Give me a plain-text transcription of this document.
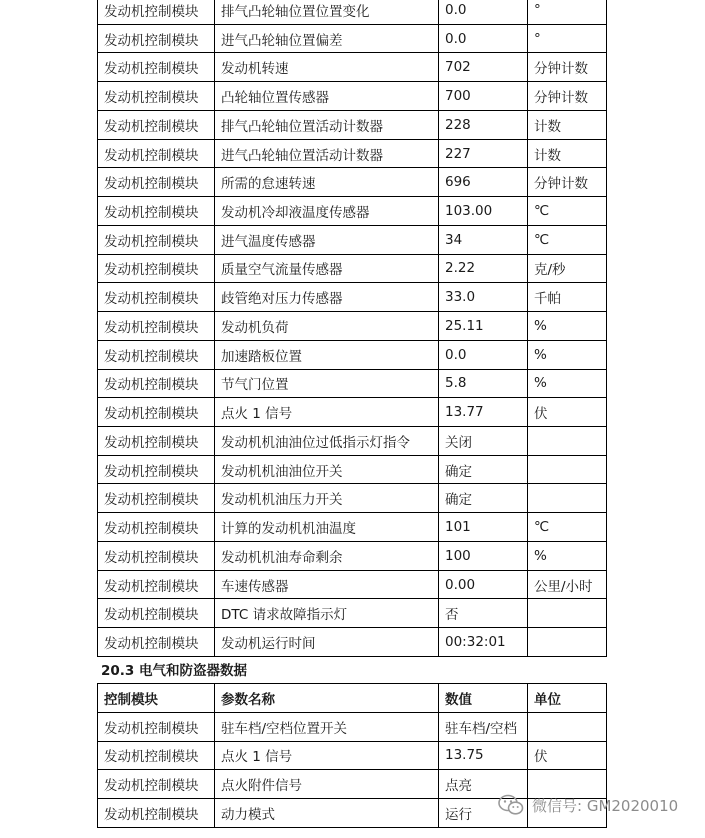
发动机控制模块	排气凸轮轴位置位置变化	0.0	°
发动机控制模块	进气凸轮轴位置偏差	0.0	°
发动机控制模块	发动机转速	702	分钟计数
发动机控制模块	凸轮轴位置传感器	700	分钟计数
发动机控制模块	排气凸轮轴位置活动计数器	228	计数
发动机控制模块	进气凸轮轴位置活动计数器	227	计数
发动机控制模块	所需的怠速转速	696	分钟计数
发动机控制模块	发动机冷却液温度传感器	103.00	℃
发动机控制模块	进气温度传感器	34	℃
发动机控制模块	质量空气流量传感器	2.22	克/秒
发动机控制模块	歧管绝对压力传感器	33.0	千帕
发动机控制模块	发动机负荷	25.11	%
发动机控制模块	加速踏板位置	0.0	%
发动机控制模块	节气门位置	5.8	%
发动机控制模块	点火 1 信号	13.77	伏
发动机控制模块	发动机机油油位过低指示灯指令	关闭	
发动机控制模块	发动机机油油位开关	确定	
发动机控制模块	发动机机油压力开关	确定	
发动机控制模块	计算的发动机机油温度	101	℃
发动机控制模块	发动机机油寿命剩余	100	%
发动机控制模块	车速传感器	0.00	公里/小时
发动机控制模块	DTC 请求故障指示灯	否	
发动机控制模块	发动机运行时间	00:32:01	
20.3 电气和防盗器数据
控制模块	参数名称	数值	单位
发动机控制模块	驻车档/空档位置开关	驻车档/空档	
发动机控制模块	点火 1 信号	13.75	伏
发动机控制模块	点火附件信号	点亮	
发动机控制模块	动力模式	运行	
微信号: GM2020010
